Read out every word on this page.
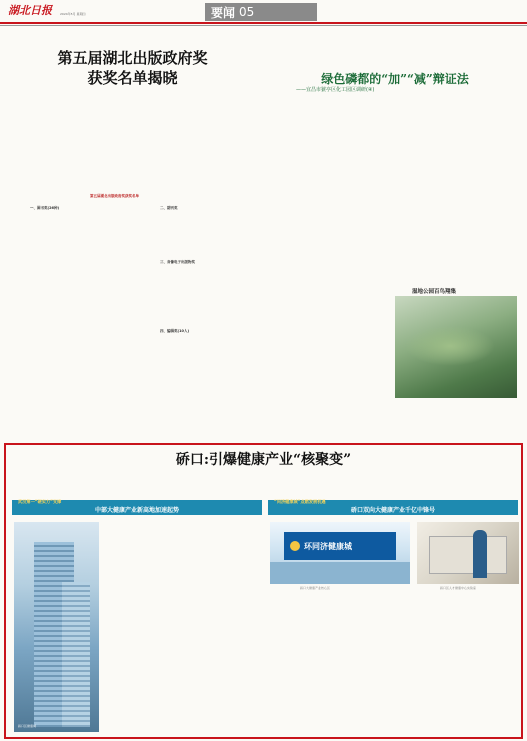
湖北日报	2024年5月 星期四	要闻 05
第五届湖北出版政府奖
获奖名单揭晓
第五届湖北出版政府奖获奖名单
一、图书奖(26种)	二、期刊奖
三、音像电子出版物奖
四、编辑奖(10人)
绿色磷都的“加”“减”辩证法
——宜昌市猇亭区化工园区调研(④)
湿地公园百鸟翔集
硚口:引爆健康产业“核聚变”
武汉第一“硬实力”支撑
中部大健康产业新高地加速起势
“问济健康城”点燃发展机遇
硚口双向大健康产业千亿中锋号
硚口区健康城
环同济健康城
硚口大健康产业核心区	硚口区人才健康中心实验室
